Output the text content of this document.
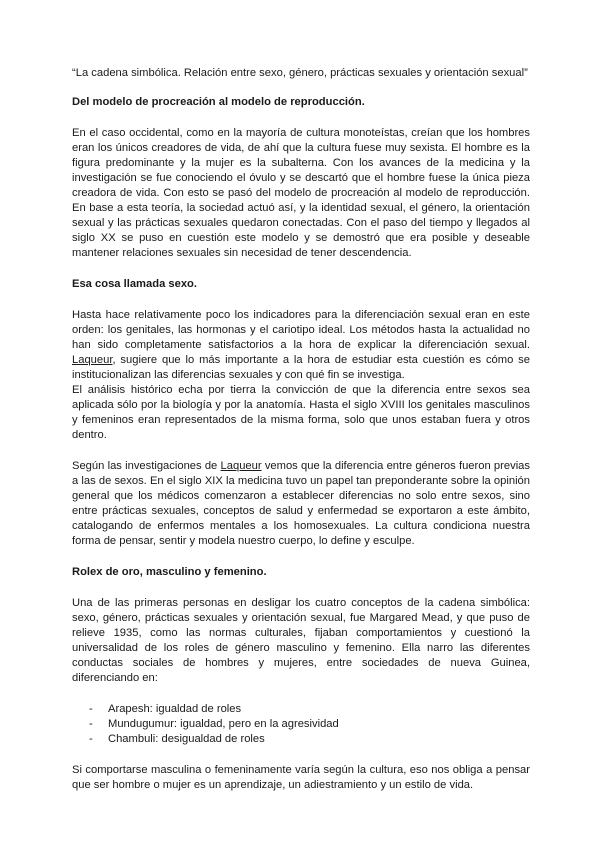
“La cadena simbólica. Relación entre sexo, género, prácticas sexuales y orientación sexual”

Del modelo de procreación al modelo de reproducción.

En el caso occidental, como en la mayoría de cultura monoteístas, creían que los hombres eran los únicos creadores de vida, de ahí que la cultura fuese muy sexista. El hombre es la figura predominante y la mujer es la subalterna. Con los avances de la medicina y la investigación se fue conociendo el óvulo y se descartó que el hombre fuese la única pieza creadora de vida. Con esto se pasó del modelo de procreación al modelo de reproducción. En base a esta teoría, la sociedad actuó así, y la identidad sexual, el género, la orientación sexual y las prácticas sexuales quedaron conectadas. Con el paso del tiempo y llegados al siglo XX se puso en cuestión este modelo y se demostró que era posible y deseable mantener relaciones sexuales sin necesidad de tener descendencia.

Esa cosa llamada sexo.

Hasta hace relativamente poco los indicadores para la diferenciación sexual eran en este orden: los genitales, las hormonas y el cariotipo ideal. Los métodos hasta la actualidad no han sido completamente satisfactorios a la hora de explicar la diferenciación sexual. Laqueur, sugiere que lo más importante a la hora de estudiar esta cuestión es cómo se institucionalizan las diferencias sexuales y con qué fin se investiga.

El análisis histórico echa por tierra la convicción de que la diferencia entre sexos sea aplicada sólo por la biología y por la anatomía. Hasta el siglo XVIII los genitales masculinos y femeninos eran representados de la misma forma, solo que unos estaban fuera y otros dentro.

Según las investigaciones de Laqueur vemos que la diferencia entre géneros fueron previas a las de sexos. En el siglo XIX la medicina tuvo un papel tan preponderante sobre la opinión general que los médicos comenzaron a establecer diferencias no solo entre sexos, sino entre prácticas sexuales, conceptos de salud y enfermedad se exportaron a este ámbito, catalogando de enfermos mentales a los homosexuales. La cultura condiciona nuestra forma de pensar, sentir y modela nuestro cuerpo, lo define y esculpe.

Rolex de oro, masculino y femenino.

Una de las primeras personas en desligar los cuatro conceptos de la cadena simbólica: sexo, género, prácticas sexuales y orientación sexual, fue Margared Mead, y que puso de relieve 1935, como las normas culturales, fijaban comportamientos y cuestionó la universalidad de los roles de género masculino y femenino. Ella narro las diferentes conductas sociales de hombres y mujeres, entre sociedades de nueva Guinea, diferenciando en:

- Arapesh: igualdad de roles
- Mundugumur: igualdad, pero en la agresividad
- Chambuli: desigualdad de roles

Si comportarse masculina o femeninamente varía según la cultura, eso nos obliga a pensar que ser hombre o mujer es un aprendizaje, un adiestramiento y un estilo de vida.
